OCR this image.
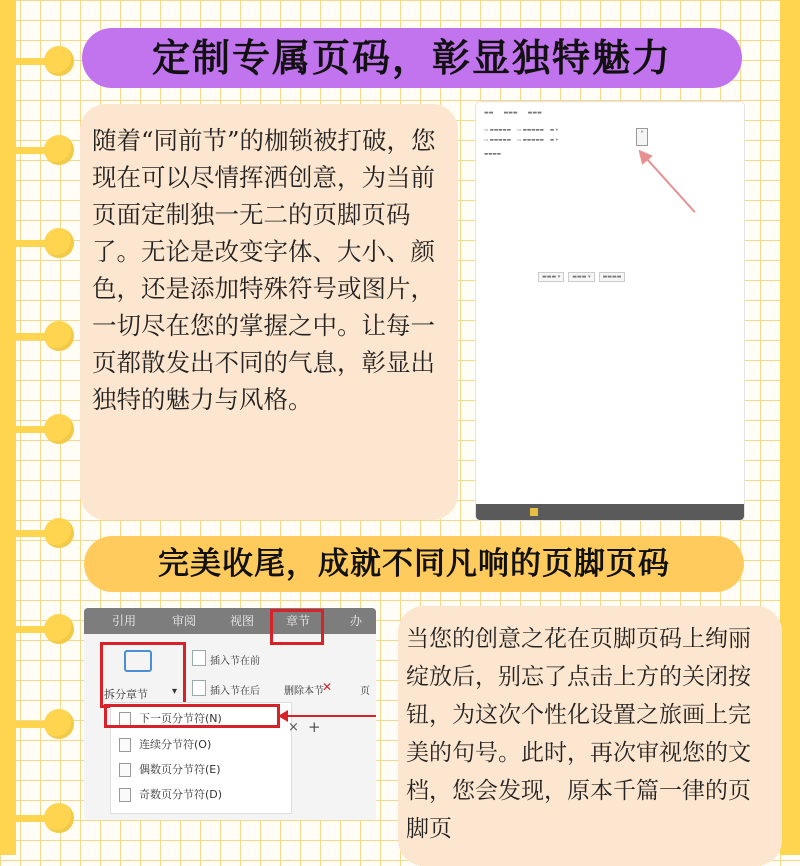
定制专属页码，彰显独特魅力
随着“同前节”的枷锁被打破，您现在可以尽情挥洒创意，为当前页面定制独一无二的页脚页码了。无论是改变字体、大小、颜色，还是添加特殊符号或图片，一切尽在您的掌握之中。让每一页都散发出不同的气息，彰显出独特的魅力与风格。
▬▬ ▬▬▬ ▬▬▬
▭ ▬▬▬▬▬ ▭ ▬▬▬▬▬ ▬ ▾
▭ ▬▬▬▬▬ ▭ ▬▬▬▬▬ ▬ ▾
▬▬▬▬
✕
▬▬▬ ▾ ▬▬▬ ▾ ▬▬▬▬
完美收尾，成就不同凡响的页脚页码
引用	审阅	视图	章节	办
拆分章节 ▾
插入节在前
插入节在后	✕
删除本节	页
下一页分节符(N)
连续分节符(O)
偶数页分节符(E)
奇数页分节符(D)
× +
当您的创意之花在页脚页码上绚丽绽放后，别忘了点击上方的关闭按钮，为这次个性化设置之旅画上完美的句号。此时，再次审视您的文档，您会发现，原本千篇一律的页脚页
